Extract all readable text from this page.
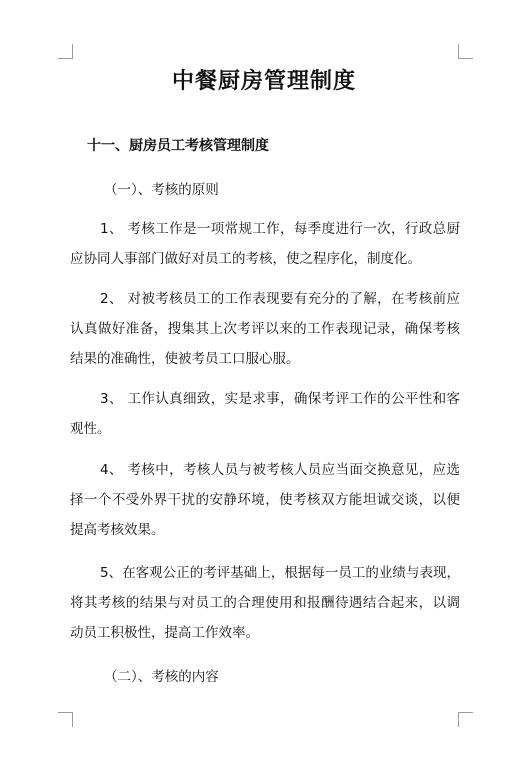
中餐厨房管理制度
十一、厨房员工考核管理制度
（一）、考核的原则
1、 考核工作是一项常规工作，每季度进行一次，行政总厨应协同人事部门做好对员工的考核，使之程序化，制度化。
2、 对被考核员工的工作表现要有充分的了解，在考核前应认真做好准备，搜集其上次考评以来的工作表现记录，确保考核结果的准确性，使被考员工口服心服。
3、 工作认真细致，实是求事，确保考评工作的公平性和客观性。
4、 考核中，考核人员与被考核人员应当面交换意见，应选择一个不受外界干扰的安静环境，使考核双方能坦诚交谈，以便提高考核效果。
5、在客观公正的考评基础上，根据每一员工的业绩与表现，将其考核的结果与对员工的合理使用和报酬待遇结合起来，以调动员工积极性，提高工作效率。
（二）、考核的内容
